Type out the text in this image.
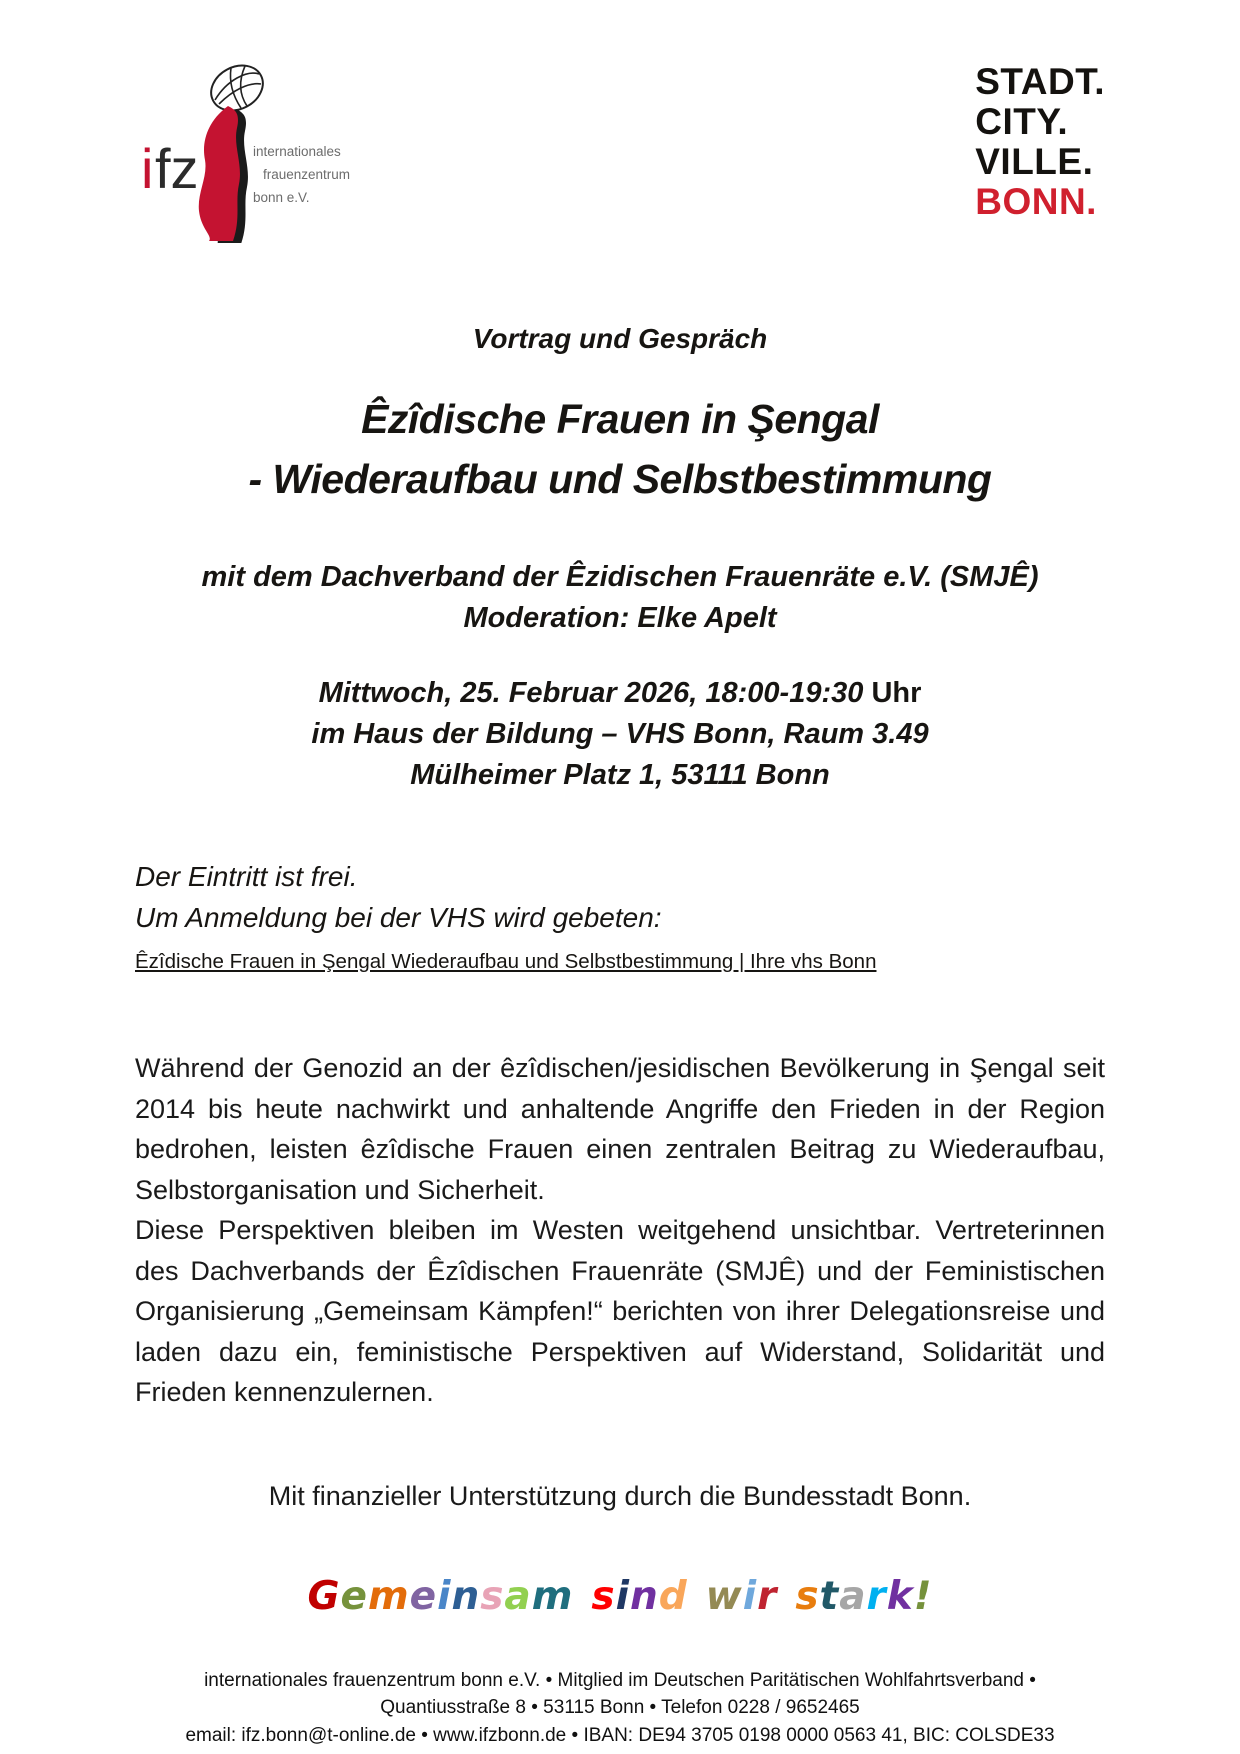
i fz	internationales
frauenzentrum
bonn e.V.
STADT.
CITY.
VILLE.
BONN.
Vortrag und Gespräch
Êzîdische Frauen in Şengal
- Wiederaufbau und Selbstbestimmung
mit dem Dachverband der Êzidischen Frauenräte e.V. (SMJÊ)
Moderation: Elke Apelt
Mittwoch, 25. Februar 2026, 18:00-19:30 Uhr
im Haus der Bildung – VHS Bonn, Raum 3.49
Mülheimer Platz 1, 53111 Bonn
Der Eintritt ist frei.
Um Anmeldung bei der VHS wird gebeten:
Êzîdische Frauen in Şengal Wiederaufbau und Selbstbestimmung | Ihre vhs Bonn

Während der Genozid an der êzîdischen/jesidischen Bevölkerung in Şengal seit 2014 bis heute nachwirkt und anhaltende Angriffe den Frieden in der Region bedrohen, leisten êzîdische Frauen einen zentralen Beitrag zu Wiederaufbau, Selbstorganisation und Sicherheit.

Diese Perspektiven bleiben im Westen weitgehend unsichtbar. Vertreterinnen des Dachverbands der Êzîdischen Frauenräte (SMJÊ) und der Feministischen Organisierung „Gemeinsam Kämpfen!“ berichten von ihrer Delegationsreise und laden dazu ein, feministische Perspektiven auf Widerstand, Solidarität und Frieden kennenzulernen.

Mit finanzieller Unterstützung durch die Bundesstadt Bonn.
Gemeinsam sind wir stark!
internationales frauenzentrum bonn e.V. • Mitglied im Deutschen Paritätischen Wohlfahrtsverband •
Quantiusstraße 8 • 53115 Bonn • Telefon 0228 / 9652465
email: ifz.bonn@t-online.de • www.ifzbonn.de • IBAN: DE94 3705 0198 0000 0563 41, BIC: COLSDE33
